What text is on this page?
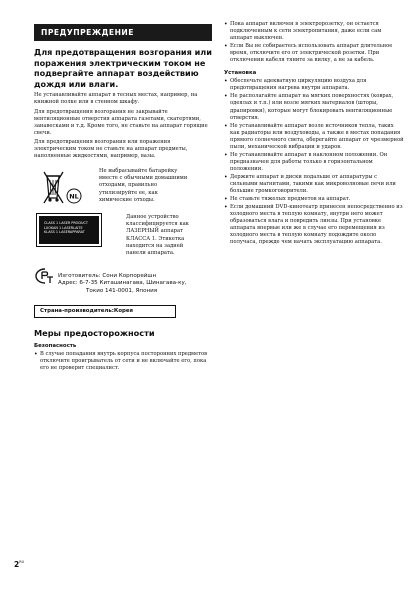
ПРЕДУПРЕЖДЕНИЕ
Для предотвращения возгорания или поражения электрическим током не подвергайте аппарат воздействию дождя или влаги.
Не устанавливайте аппарат в тесных местах, например, на книжной полке или в стенном шкафу.
Для предотвращения возгорания не закрывайте вентиляционные отверстия аппарата газетами, скатертями, занавесками и т.д. Кроме того, не ставьте на аппарат горящие свечи.
Для предотвращения возгорания или поражения электрическим током не ставьте на аппарат предметы, наполненные жидкостями, например, вазы.
NL
Не выбрасывайте батарейку вместе с обычными домашними отходами, правильно утилизируйте ее, как химические отходы.
CLASS 1 LASER PRODUCT
LUOKAN 1 LASERLAITE
KLASS 1 LASERAPPARAT
Данное устройство классифицируется как ЛАЗЕРНЫЙ аппарат КЛАССА 1. Этикетка находится на задней панели аппарата.
Изготовитель: Сони Корпорейшн
Адрес: 6-7-35 Киташинагава, Шинагава-ку,
Токио 141-0001, Япония
Страна-производитель:Корея
Меры предосторожности
Безопасность
• В случае попадания внутрь корпуса посторонних предметов отключите проигрыватель от сети и не включайте его, пока его не проверит специалист.
• Пока аппарат включен в электророзетку, он остается подключенным к сети электропитания, даже если сам аппарат выключен.
• Если Вы не собираетесь использовать аппарат длительное время, отключите его от электрической розетки. При отключении кабеля тяните за вилку, а не за кабель.
Установка
• Обеспечьте адекватную циркуляцию воздуха для предотвращения нагрева внутри аппарата.
• Не располагайте аппарат на мягких поверхностях (коврах, одеялах и т.п.) или возле мягких материалов (шторы, драпировки), которые могут блокировать вентиляционные отверстия.
• Не устанавливайте аппарат возле источников тепла, таких как радиаторы или воздуховоды, а также в местах попадания прямого солнечного света, оберегайте аппарат от чрезмерной пыли, механической вибрации и ударов.
• Не устанавливайте аппарат в наклонном положении. Он предназначен для работы только в горизонтальном положении.
• Держите аппарат и диски подальше от аппаратуры с сильными магнитами, такими как микроволновые печи или большие громкоговорители.
• Не ставьте тяжелых предметов на аппарат.
• Если домашний DVD-кинотеатр принесен непосредственно из холодного места в теплую комнату, внутри него может образоваться влага и повредить линзы. При установке аппарата впервые или же в случае его перемещения из холодного места в теплую комнату подождите около получаса, прежде чем начать эксплуатацию аппарата.
$2^{RU}$
